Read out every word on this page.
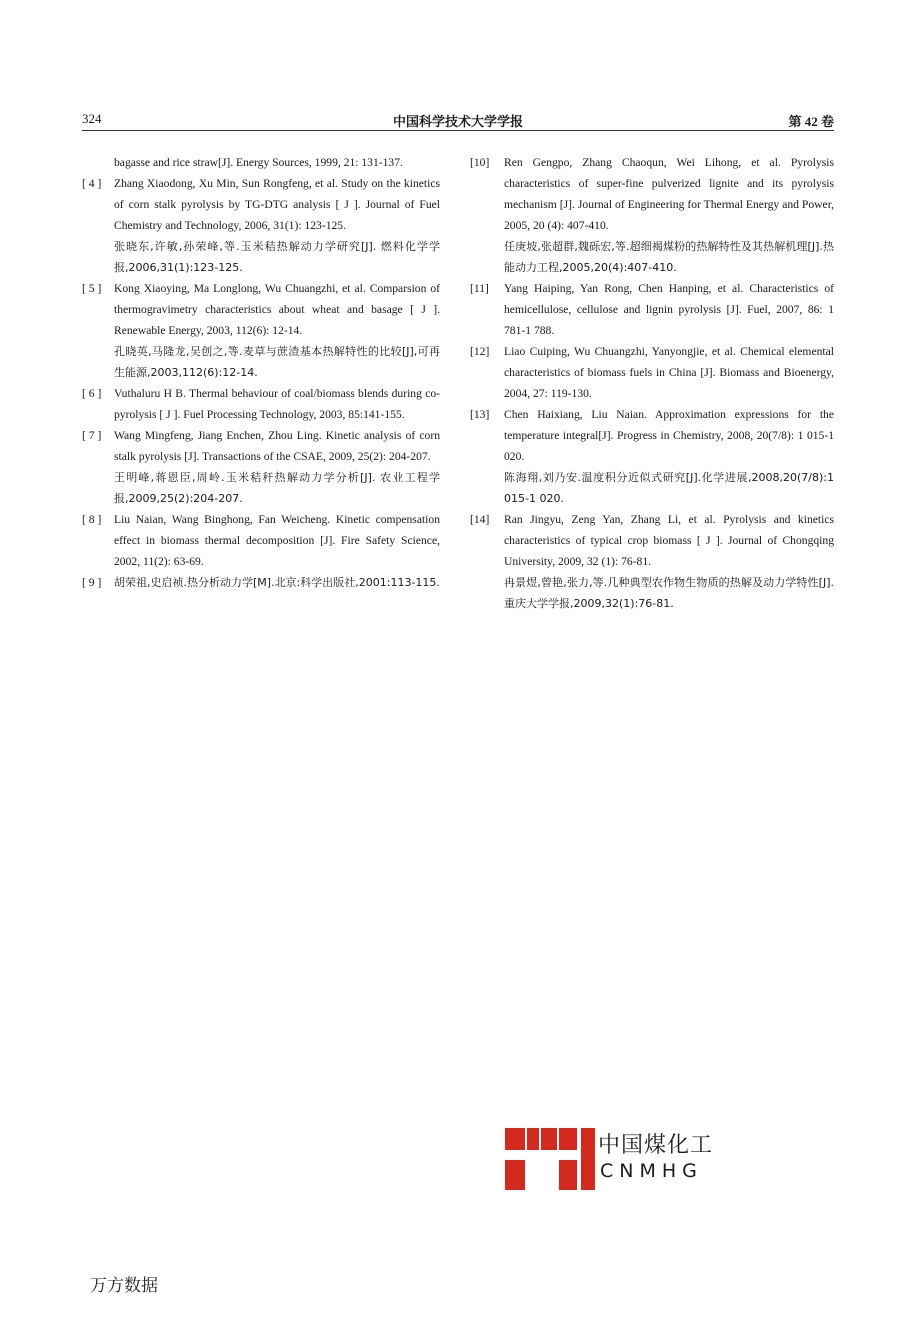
324	中国科学技术大学学报	第 42 卷
bagasse and rice straw[J]. Energy Sources, 1999, 21: 131-137.
[ 4 ]	Zhang Xiaodong, Xu Min, Sun Rongfeng, et al. Study on the kinetics of corn stalk pyrolysis by TG-DTG analysis [ J ]. Journal of Fuel Chemistry and Technology, 2006, 31(1): 123-125.

张晓东,许敏,孙荣峰,等.玉米秸热解动力学研究[J]. 燃料化学学报,2006,31(1):123-125.

[ 5 ]	Kong Xiaoying, Ma Longlong, Wu Chuangzhi, et al. Comparsion of thermogravimetry characteristics about wheat and basage [ J ]. Renewable Energy, 2003, 112(6): 12-14.

孔晓英,马隆龙,吴创之,等.麦草与蔗渣基本热解特性的比较[J],可再生能源,2003,112(6):12-14.

[ 6 ]	Vuthaluru H B. Thermal behaviour of coal/biomass blends during co-pyrolysis [ J ]. Fuel Processing Technology, 2003, 85:141-155.

[ 7 ]	Wang Mingfeng, Jiang Enchen, Zhou Ling. Kinetic analysis of corn stalk pyrolysis [J]. Transactions of the CSAE, 2009, 25(2): 204-207.

王明峰,蒋恩臣,周岭.玉米秸秆热解动力学分析[J]. 农业工程学报,2009,25(2):204-207.

[ 8 ]	Liu Naian, Wang Binghong, Fan Weicheng. Kinetic compensation effect in biomass thermal decomposition [J]. Fire Safety Science, 2002, 11(2): 63-69.

[ 9 ]	胡荣祖,史启祯.热分析动力学[M].北京:科学出版社,2001:113-115.

[10]	Ren Gengpo, Zhang Chaoqun, Wei Lihong, et al. Pyrolysis characteristics of super-fine pulverized lignite and its pyrolysis mechanism [J]. Journal of Engineering for Thermal Energy and Power, 2005, 20 (4): 407-410.

任庚坡,张超群,魏砾宏,等.超细褐煤粉的热解特性及其热解机理[J].热能动力工程,2005,20(4):407-410.

[11]	Yang Haiping, Yan Rong, Chen Hanping, et al. Characteristics of hemicellulose, cellulose and lignin pyrolysis [J]. Fuel, 2007, 86: 1 781-1 788.

[12]	Liao Cuiping, Wu Chuangzhi, Yanyongjie, et al. Chemical elemental characteristics of biomass fuels in China [J]. Biomass and Bioenergy, 2004, 27: 119-130.

[13]	Chen Haixiang, Liu Naian. Approximation expressions for the temperature integral[J]. Progress in Chemistry, 2008, 20(7/8): 1 015-1 020.

陈海翔,刘乃安.温度积分近似式研究[J].化学进展,2008,20(7/8):1 015-1 020.

[14]	Ran Jingyu, Zeng Yan, Zhang Li, et al. Pyrolysis and kinetics characteristics of typical crop biomass [ J ]. Journal of Chongqing University, 2009, 32 (1): 76-81.

冉景煜,曾艳,张力,等.几种典型农作物生物质的热解及动力学特性[J].重庆大学学报,2009,32(1):76-81.

中国煤化工
CNMHG
万方数据
